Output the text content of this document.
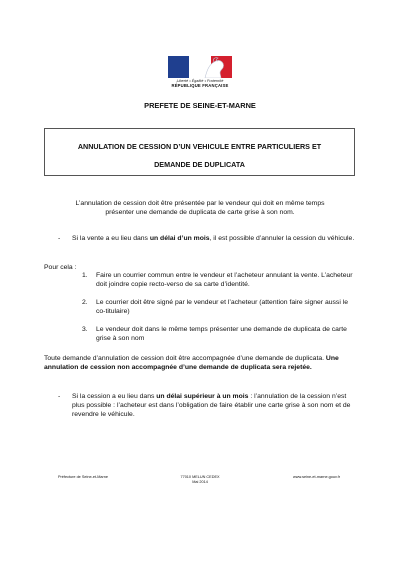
Liberté • Égalité • Fraternité
RÉPUBLIQUE FRANÇAISE
PREFETE DE SEINE-ET-MARNE
ANNULATION DE CESSION D’UN VEHICULE ENTRE PARTICULIERS ET
DEMANDE DE DUPLICATA
L’annulation de cession doit être présentée par le vendeur qui doit en même temps
présenter une demande de duplicata de carte grise à son nom.
- Si la vente a eu lieu dans un délai d’un mois, il est possible d’annuler la cession du véhicule.
Pour cela :
1. Faire un courrier commun entre le vendeur et l’acheteur annulant la vente. L’acheteur doit joindre copie recto-verso de sa carte d’identité.
2. Le courrier doit être signé par le vendeur et l’acheteur (attention faire signer aussi le co-titulaire)
3. Le vendeur doit dans le même temps présenter une demande de duplicata de carte grise à son nom
Toute demande d’annulation de cession doit être accompagnée d’une demande de duplicata. Une annulation de cession non accompagnée d’une demande de duplicata sera rejetée.
- Si la cession a eu lieu dans un délai supérieur à un mois : l’annulation de la cession n’est plus possible : l’acheteur est dans l’obligation de faire établir une carte grise à son nom et de revendre le véhicule.
Préfecture de Seine-et-Marne	77010 MELUN CEDEX
Mai 2014
www.seine-et-marne.gouv.fr
